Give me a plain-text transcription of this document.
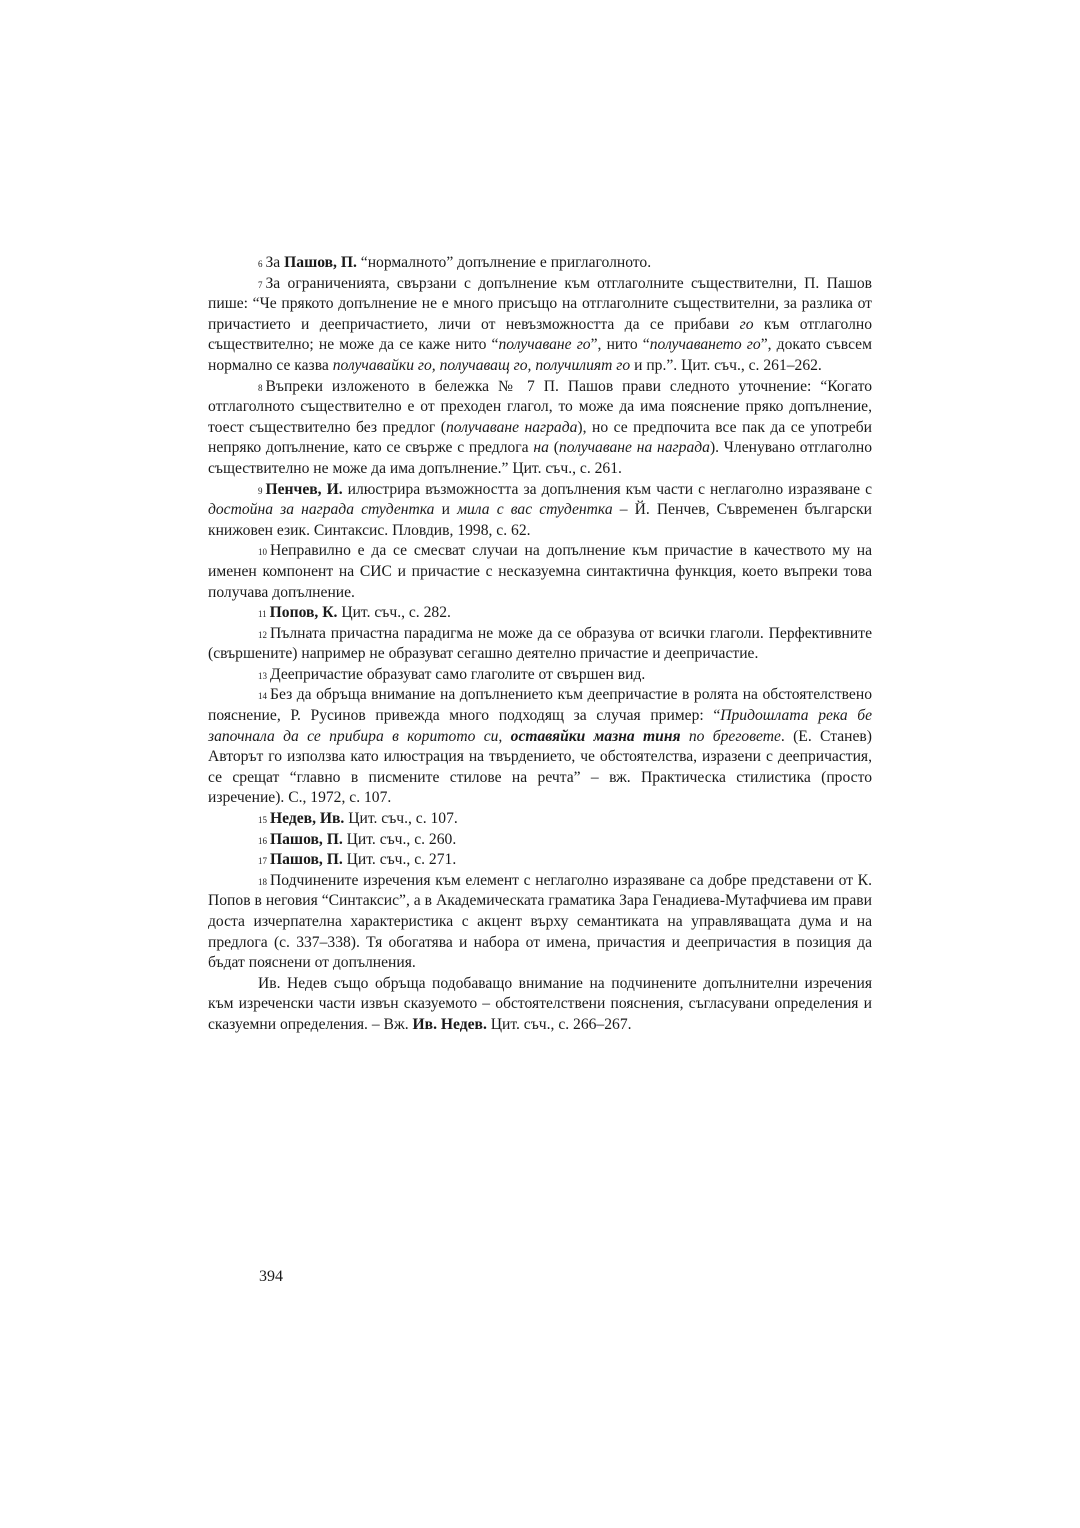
$^6$ За Пашов, П. “нормалното” допълнение е приглаголното.

$^7$ За ограниченията, свързани с допълнение към отглаголните съществителни, П. Пашов пише: “Че прякото допълнение не е много присъщо на отглаголните съществителни, за разлика от причастието и деепричастието, личи от невъзможността да се прибави го към отглаголно съществително; не може да се каже нито “получаване го”, нито “получаването го”, докато съвсем нормално се казва получавайки го, получаващ го, получилият го и пр.”. Цит. съч., с. 261–262.

$^8$ Въпреки изложеното в бележка № 7 П. Пашов прави следното уточнение: “Когато отглаголното съществително е от преходен глагол, то може да има пояснение пряко допълнение, тоест съществително без предлог (получаване награда), но се предпочита все пак да се употреби непряко допълнение, като се свърже с предлога на (получаване на награда). Членувано отглаголно съществително не може да има допълнение.” Цит. съч., с. 261.

$^9$ Пенчев, И. илюстрира възможността за допълнения към части с неглаголно изразяване с достойна за награда студентка и мила с вас студентка – Й. Пенчев, Съвременен български книжовен език. Синтаксис. Пловдив, 1998, с. 62.

$^{10}$ Неправилно е да се смесват случаи на допълнение към причастие в качеството му на именен компонент на СИС и причастие с несказуемна синтактична функция, което въпреки това получава допълнение.

$^{11}$ Попов, К. Цит. съч., с. 282.

$^{12}$ Пълната причастна парадигма не може да се образува от всички глаголи. Перфективните (свършените) например не образуват сегашно деятелно причастие и деепричастие.

$^{13}$ Деепричастие образуват само глаголите от свършен вид.

$^{14}$ Без да обръща внимание на допълнението към деепричастие в ролята на обстоятелствено пояснение, Р. Русинов привежда много подходящ за случая пример: “Придошлата река бе започнала да се прибира в коритото си, оставяйки мазна тиня по бреговете. (Е. Станев) Авторът го използва като илюстрация на твърдението, че обстоятелства, изразени с деепричастия, се срещат “главно в писмените стилове на речта” – вж. Практическа стилистика (просто изречение). С., 1972, с. 107.

$^{15}$ Недев, Ив. Цит. съч., с. 107.

$^{16}$ Пашов, П. Цит. съч., с. 260.

$^{17}$ Пашов, П. Цит. съч., с. 271.

$^{18}$ Подчинените изречения към елемент с неглаголно изразяване са добре представени от К. Попов в неговия “Синтаксис”, а в Академическата граматика Зара Генадиева-Мутафчиева им прави доста изчерпателна характеристика с акцент върху семантиката на управляващата дума и на предлога (с. 337–338). Тя обогатява и набора от имена, причастия и деепричастия в позиция да бъдат пояснени от допълнения.

Ив. Недев също обръща подобаващо внимание на подчинените допълнителни изречения към изреченски части извън сказуемото – обстоятелствени пояснения, съгласувани определения и сказуемни определения. – Вж. Ив. Недев. Цит. съч., с. 266–267.

394
